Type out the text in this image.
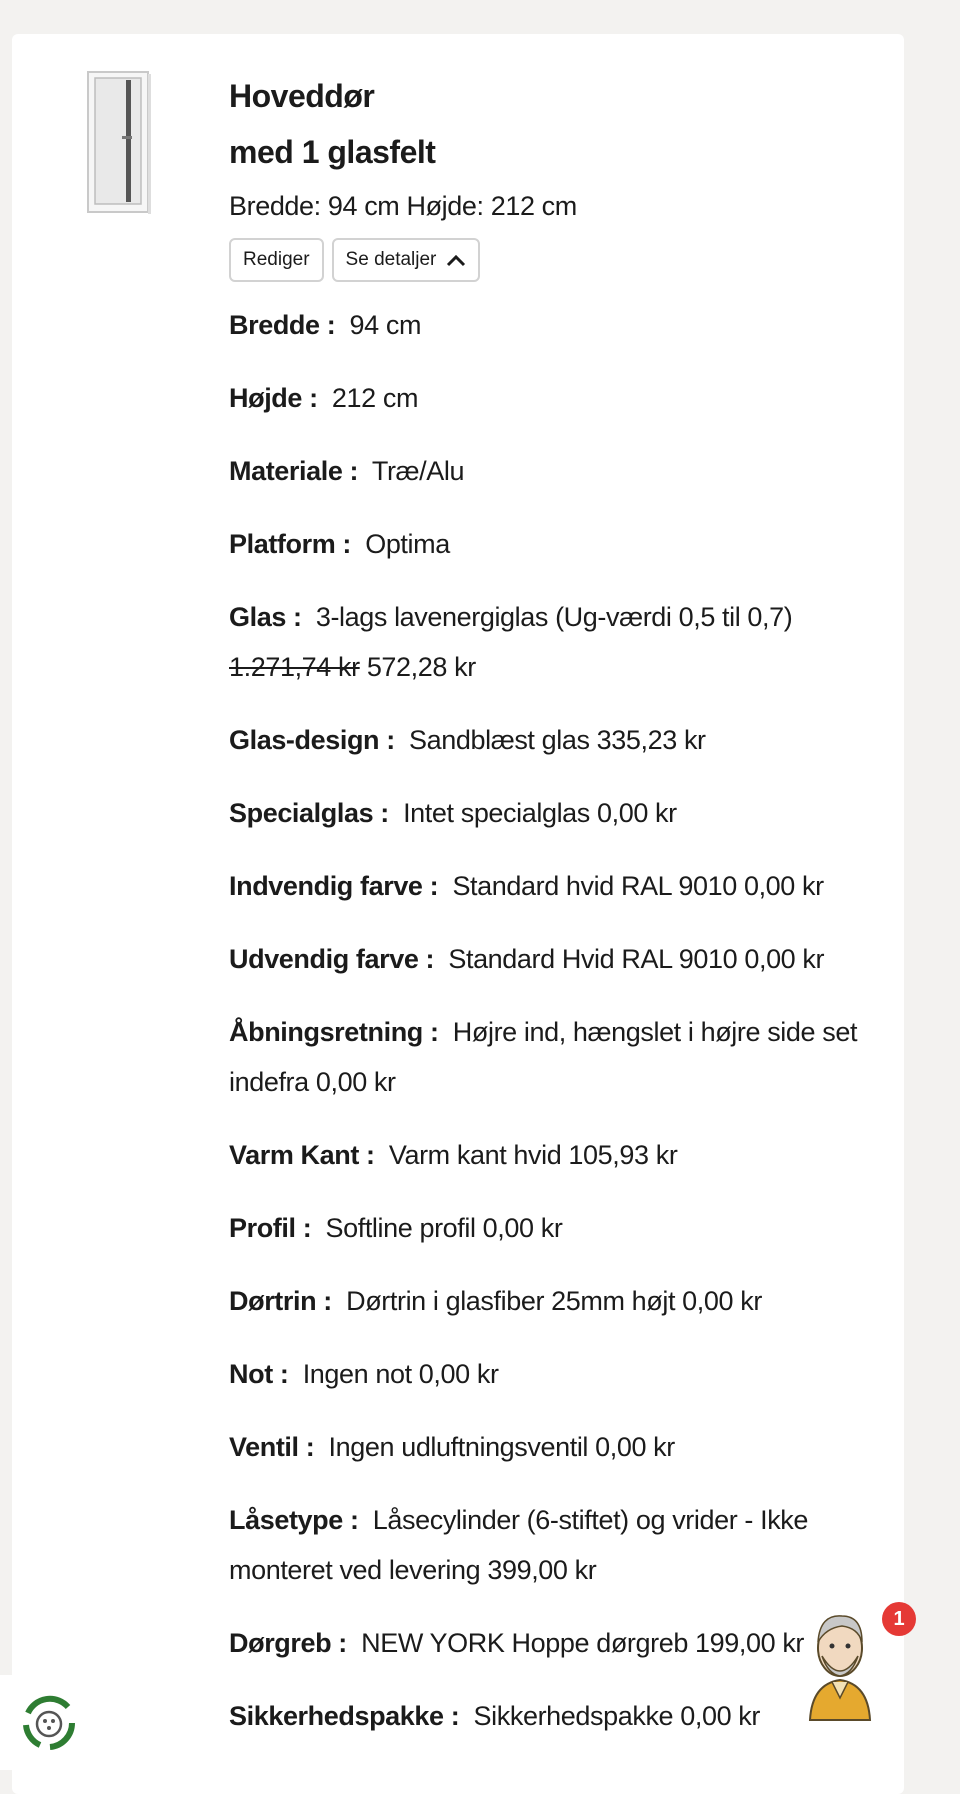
Hoveddør

med 1 glasfelt

Bredde: 94 cm Højde: 212 cm
Rediger Se detaljer

Bredde : 94 cm

Højde : 212 cm

Materiale : Træ/Alu

Platform : Optima

Glas : 3-lags lavenergiglas (Ug-værdi 0,5 til 0,7) 1.271,74 kr 572,28 kr

Glas-design : Sandblæst glas 335,23 kr

Specialglas : Intet specialglas 0,00 kr

Indvendig farve : Standard hvid RAL 9010 0,00 kr

Udvendig farve : Standard Hvid RAL 9010 0,00 kr

Åbningsretning : Højre ind, hængslet i højre side set indefra 0,00 kr

Varm Kant : Varm kant hvid 105,93 kr

Profil : Softline profil 0,00 kr

Dørtrin : Dørtrin i glasfiber 25mm højt 0,00 kr

Not : Ingen not 0,00 kr

Ventil : Ingen udluftningsventil 0,00 kr

Låsetype : Låsecylinder (6-stiftet) og vrider - Ikke monteret ved levering 399,00 kr

Dørgreb : NEW YORK Hoppe dørgreb 199,00 kr

Sikkerhedspakke : Sikkerhedspakke 0,00 kr

1
